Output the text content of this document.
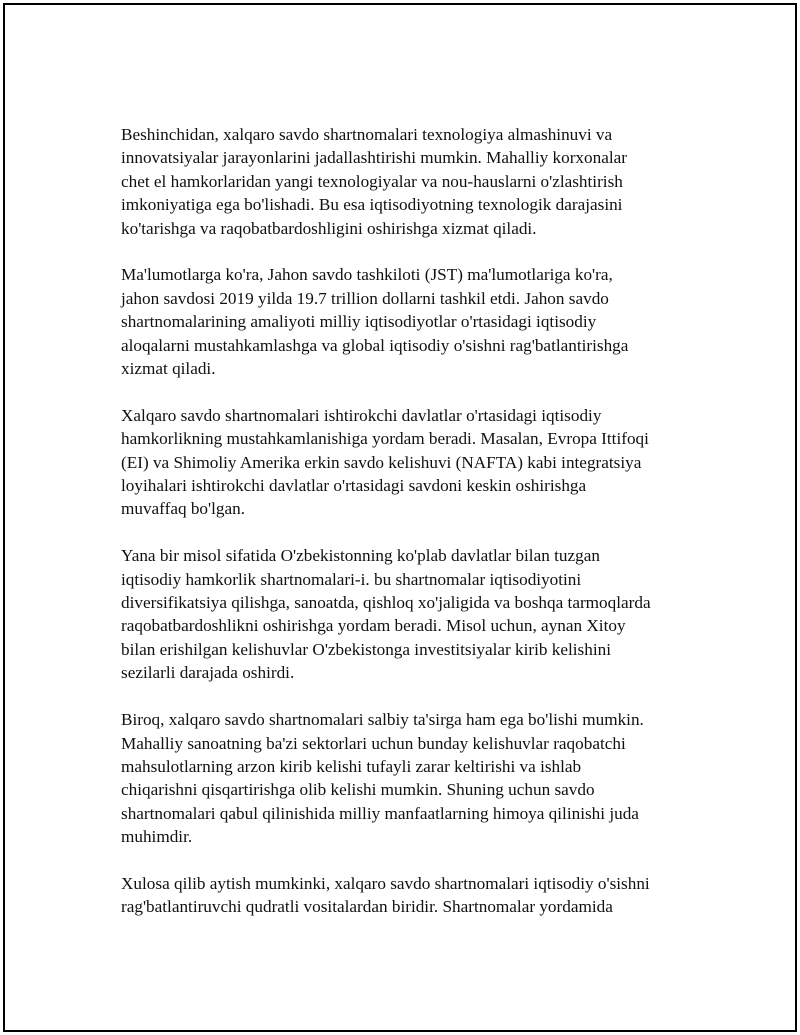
Beshinchidan, xalqaro savdo shartnomalari texnologiya almashinuvi va
innovatsiyalar jarayonlarini jadallashtirishi mumkin. Mahalliy korxonalar
chet el hamkorlaridan yangi texnologiyalar va nou-hauslarni o'zlashtirish
imkoniyatiga ega bo'lishadi. Bu esa iqtisodiyotning texnologik darajasini
ko'tarishga va raqobatbardoshligini oshirishga xizmat qiladi.

Ma'lumotlarga ko'ra, Jahon savdo tashkiloti (JST) ma'lumotlariga ko'ra,
jahon savdosi 2019 yilda 19.7 trillion dollarni tashkil etdi. Jahon savdo
shartnomalarining amaliyoti milliy iqtisodiyotlar o'rtasidagi iqtisodiy
aloqalarni mustahkamlashga va global iqtisodiy o'sishni rag'batlantirishga
xizmat qiladi.

Xalqaro savdo shartnomalari ishtirokchi davlatlar o'rtasidagi iqtisodiy
hamkorlikning mustahkamlanishiga yordam beradi. Masalan, Evropa Ittifoqi
(EI) va Shimoliy Amerika erkin savdo kelishuvi (NAFTA) kabi integratsiya
loyihalari ishtirokchi davlatlar o'rtasidagi savdoni keskin oshirishga
muvaffaq bo'lgan.

Yana bir misol sifatida O'zbekistonning ko'plab davlatlar bilan tuzgan
iqtisodiy hamkorlik shartnomalari-i. bu shartnomalar iqtisodiyotini
diversifikatsiya qilishga, sanoatda, qishloq xo'jaligida va boshqa tarmoqlarda
raqobatbardoshlikni oshirishga yordam beradi. Misol uchun, aynan Xitoy
bilan erishilgan kelishuvlar O'zbekistonga investitsiyalar kirib kelishini
sezilarli darajada oshirdi.

Biroq, xalqaro savdo shartnomalari salbiy ta'sirga ham ega bo'lishi mumkin.
Mahalliy sanoatning ba'zi sektorlari uchun bunday kelishuvlar raqobatchi
mahsulotlarning arzon kirib kelishi tufayli zarar keltirishi va ishlab
chiqarishni qisqartirishga olib kelishi mumkin. Shuning uchun savdo
shartnomalari qabul qilinishida milliy manfaatlarning himoya qilinishi juda
muhimdir.

Xulosa qilib aytish mumkinki, xalqaro savdo shartnomalari iqtisodiy o'sishni
rag'batlantiruvchi qudratli vositalardan biridir. Shartnomalar yordamida
